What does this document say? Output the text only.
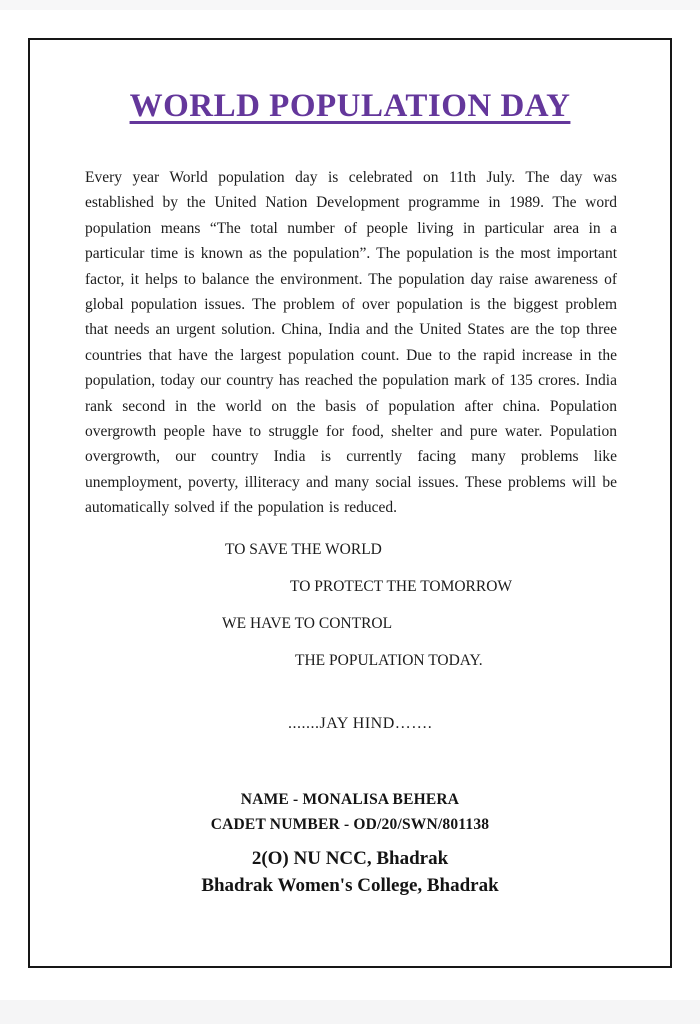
WORLD POPULATION DAY

Every year World population day is celebrated on 11th July. The day was established by the United Nation Development programme in 1989. The word population means “The total number of people living in particular area in a particular time is known as the population”. The population is the most important factor, it helps to balance the environment. The population day raise awareness of global population issues. The problem of over population is the biggest problem that needs an urgent solution. China, India and the United States are the top three countries that have the largest population count. Due to the rapid increase in the population, today our country has reached the population mark of 135 crores. India rank second in the world on the basis of population after china. Population overgrowth people have to struggle for food, shelter and pure water. Population overgrowth, our country India is currently facing many problems like unemployment, poverty, illiteracy and many social issues. These problems will be automatically solved if the population is reduced.

TO SAVE THE WORLD
TO PROTECT THE TOMORROW
WE HAVE TO CONTROL
THE POPULATION TODAY.
.......JAY HIND…….
NAME - MONALISA BEHERA
CADET NUMBER - OD/20/SWN/801138
2(O) NU NCC, Bhadrak
Bhadrak Women's College, Bhadrak
